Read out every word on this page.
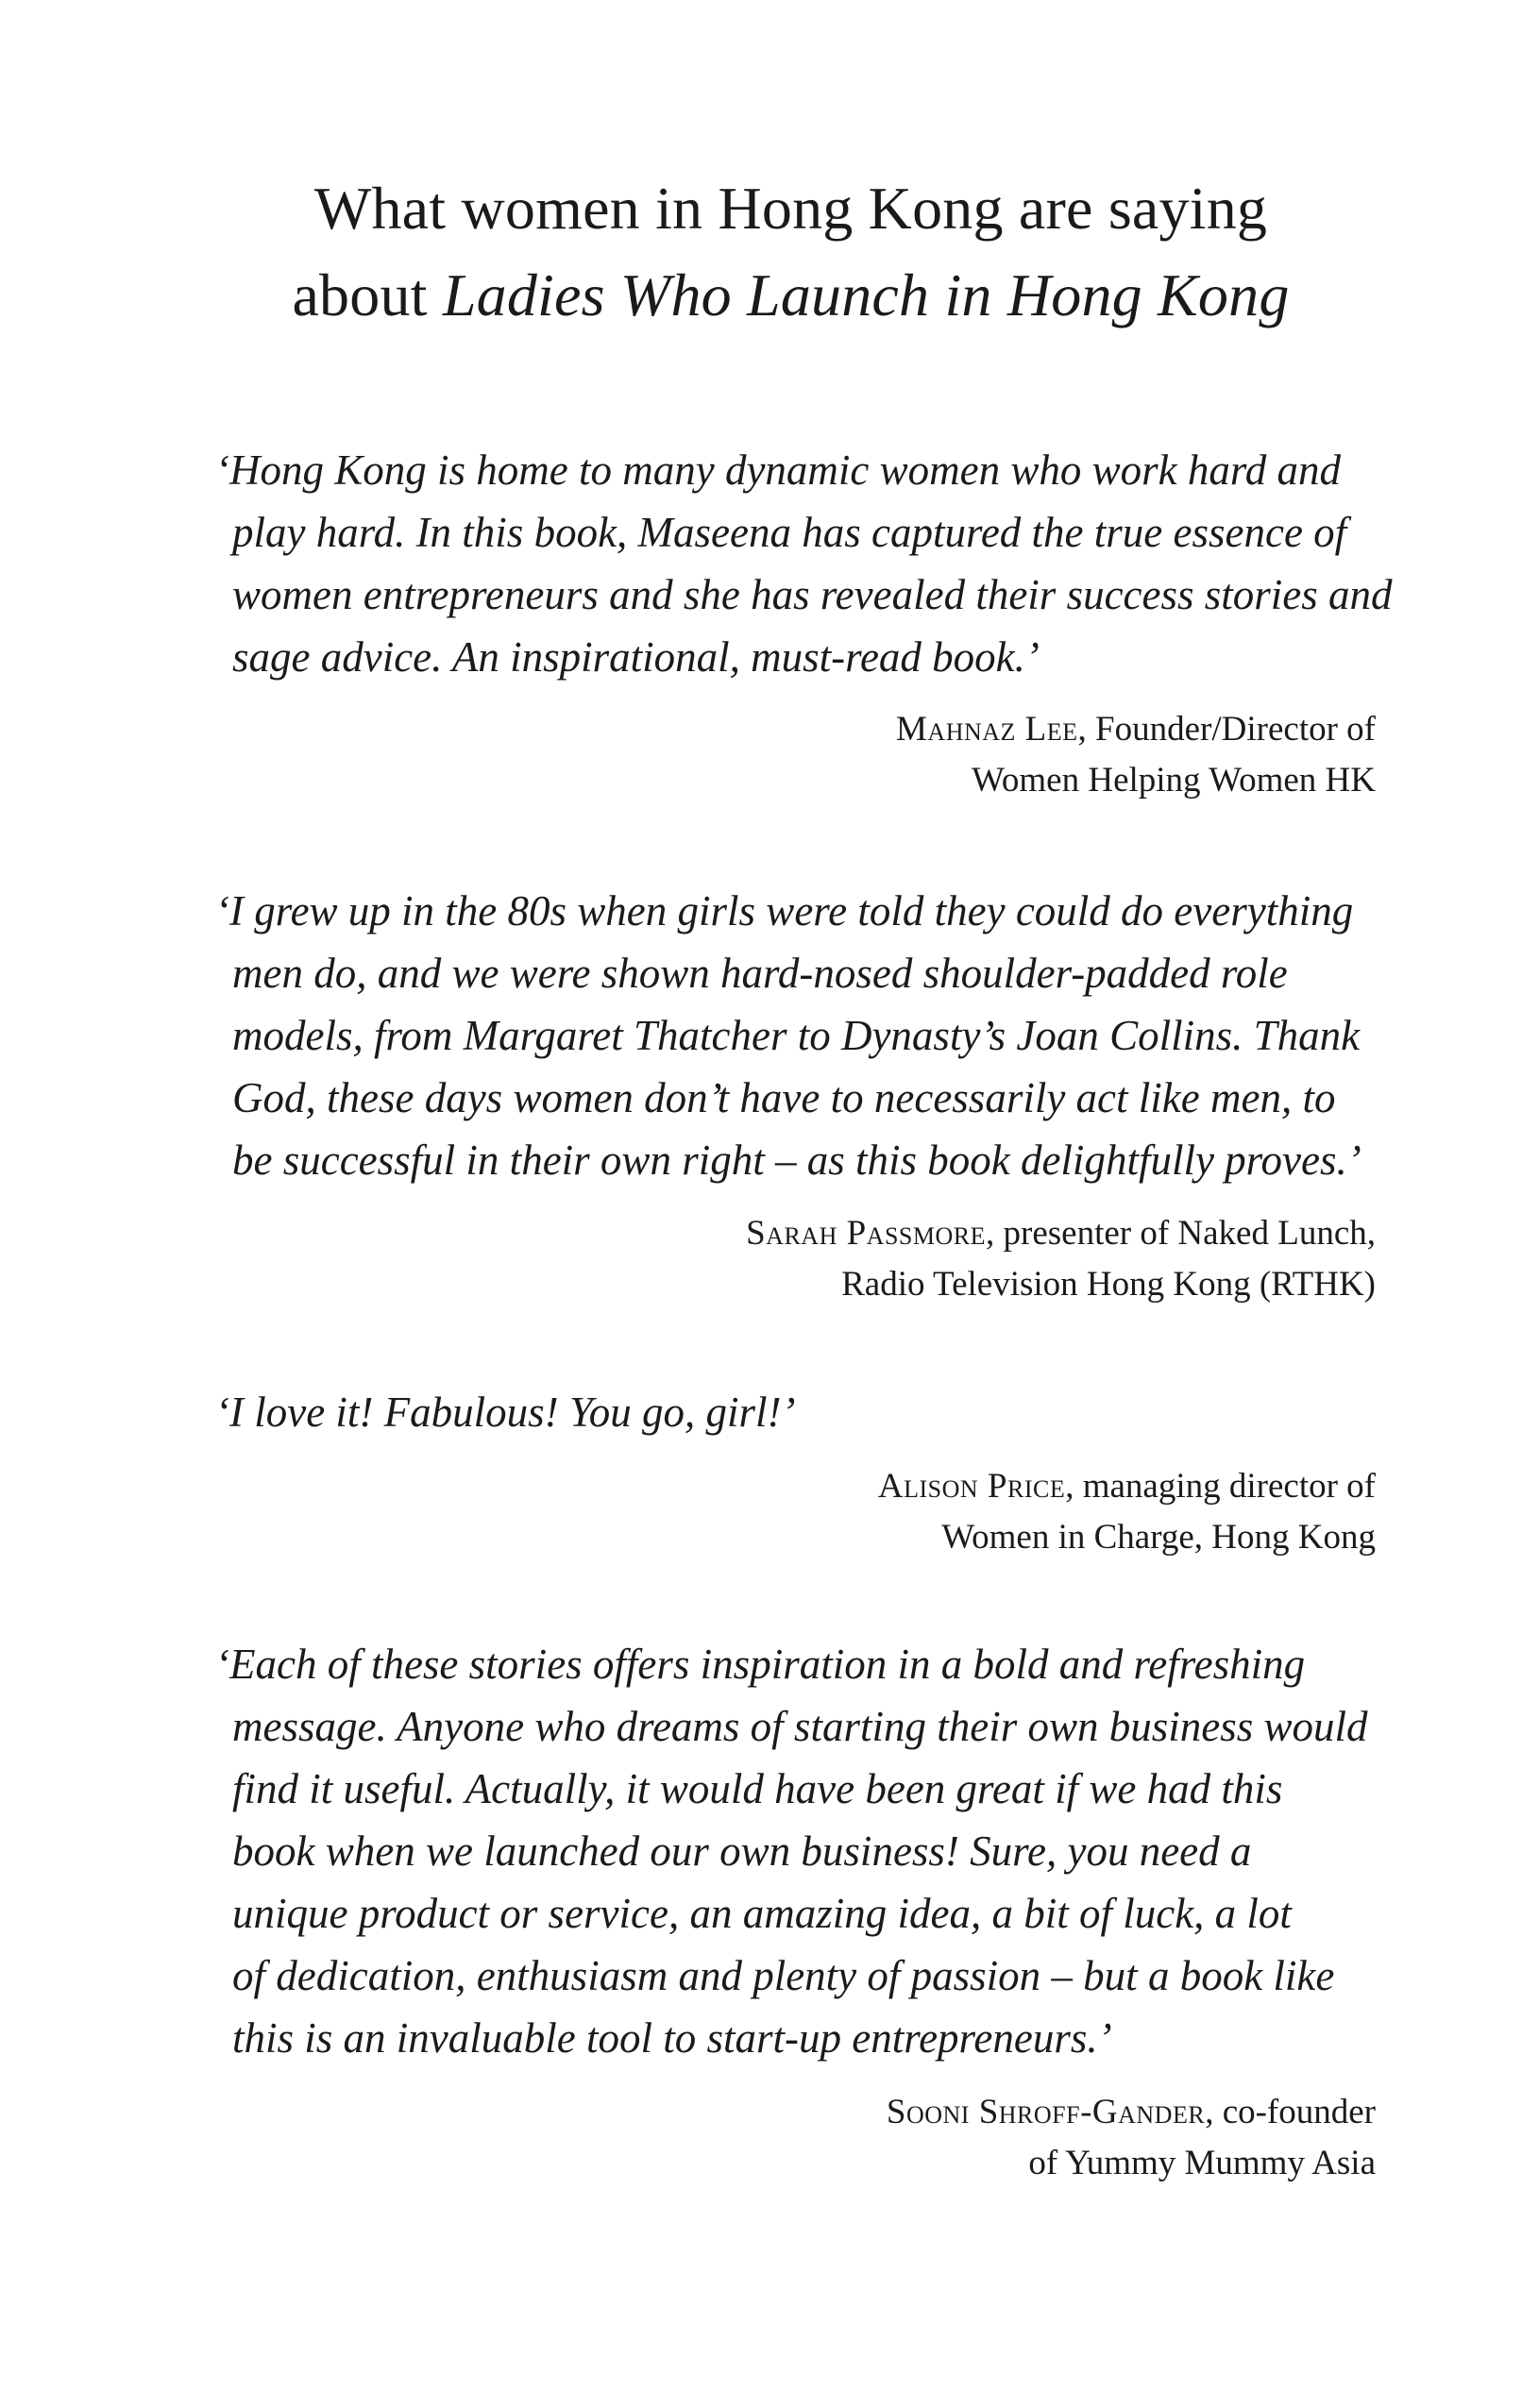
What women in Hong Kong are saying
about Ladies Who Launch in Hong Kong
‘Hong Kong is home to many dynamic women who work hard and
play hard. In this book, Maseena has captured the true essence of
women entrepreneurs and she has revealed their success stories and
sage advice. An inspirational, must-read book.’
Mahnaz Lee, Founder/Director of
Women Helping Women HK
‘I grew up in the 80s when girls were told they could do everything
men do, and we were shown hard-nosed shoulder-padded role
models, from Margaret Thatcher to Dynasty’s Joan Collins. Thank
God, these days women don’t have to necessarily act like men, to
be successful in their own right – as this book delightfully proves.’
Sarah Passmore, presenter of Naked Lunch,
Radio Television Hong Kong (RTHK)
‘I love it! Fabulous! You go, girl!’
Alison Price, managing director of
Women in Charge, Hong Kong
‘Each of these stories offers inspiration in a bold and refreshing
message. Anyone who dreams of starting their own business would
find it useful. Actually, it would have been great if we had this
book when we launched our own business! Sure, you need a
unique product or service, an amazing idea, a bit of luck, a lot
of dedication, enthusiasm and plenty of passion – but a book like
this is an invaluable tool to start-up entrepreneurs.’
Sooni Shroff-Gander, co-founder
of Yummy Mummy Asia
